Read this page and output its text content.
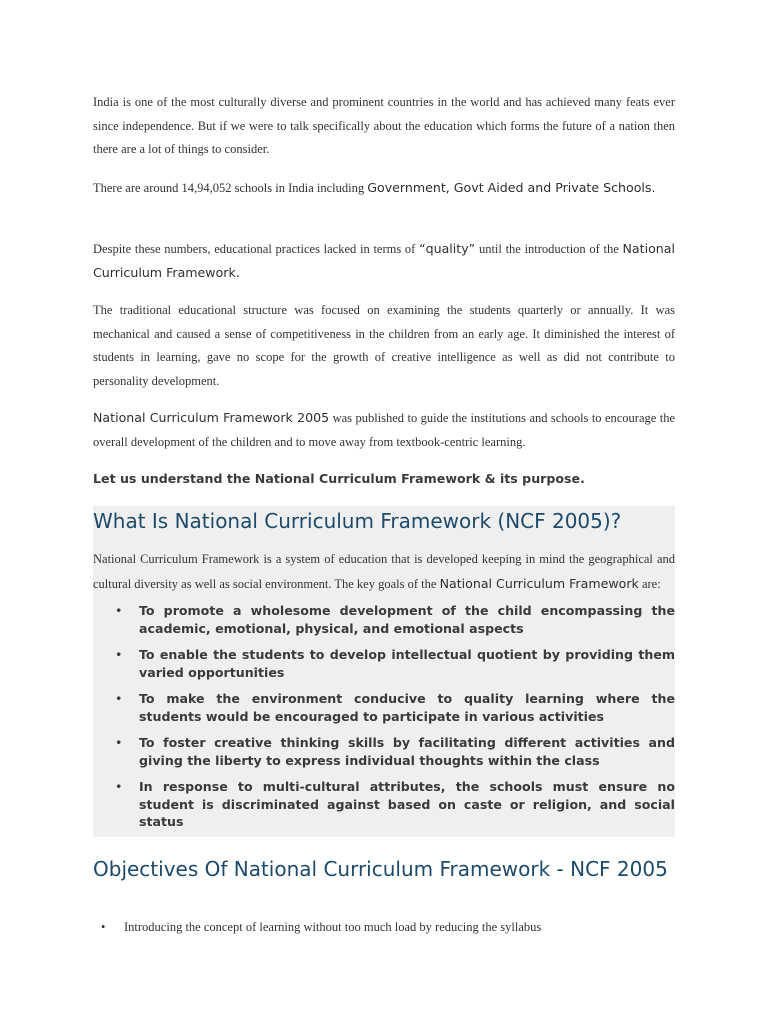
India is one of the most culturally diverse and prominent countries in the world and has achieved many feats ever since independence. But if we were to talk specifically about the education which forms the future of a nation then there are a lot of things to consider.

There are around 14,94,052 schools in India including Government, Govt Aided and Private Schools.

Despite these numbers, educational practices lacked in terms of “quality” until the introduction of the National Curriculum Framework.

The traditional educational structure was focused on examining the students quarterly or annually. It was mechanical and caused a sense of competitiveness in the children from an early age. It diminished the interest of students in learning, gave no scope for the growth of creative intelligence as well as did not contribute to personality development.

National Curriculum Framework 2005 was published to guide the institutions and schools to encourage the overall development of the children and to move away from textbook-centric learning.

Let us understand the National Curriculum Framework & its purpose.

What Is National Curriculum Framework (NCF 2005)?

National Curriculum Framework is a system of education that is developed keeping in mind the geographical and cultural diversity as well as social environment. The key goals of the National Curriculum Framework are:

• To promote a wholesome development of the child encompassing the academic, emotional, physical, and emotional aspects
• To enable the students to develop intellectual quotient by providing them varied opportunities
• To make the environment conducive to quality learning where the students would be encouraged to participate in various activities
• To foster creative thinking skills by facilitating different activities and giving the liberty to express individual thoughts within the class
• In response to multi-cultural attributes, the schools must ensure no student is discriminated against based on caste or religion, and social status
Objectives Of National Curriculum Framework - NCF 2005
• Introducing the concept of learning without too much load by reducing the syllabus
